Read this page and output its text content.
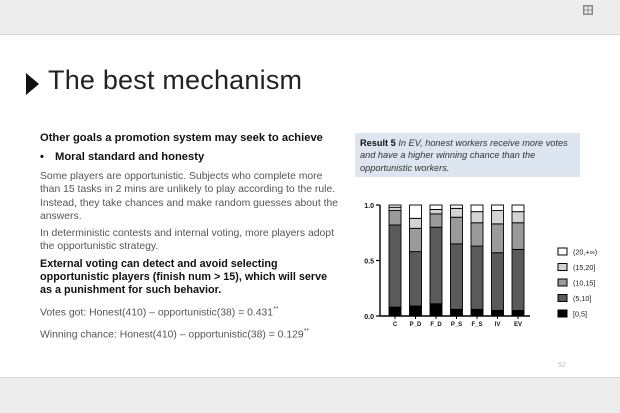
The best mechanism
Other goals a promotion system may seek to achieve
• Moral standard and honesty
Some players are opportunistic. Subjects who complete more than 15 tasks in 2 mins are unlikely to play according to the rule. Instead, they take chances and make random guesses about the answers.
In deterministic contests and internal voting, more players adopt the opportunistic strategy.
External voting can detect and avoid selecting opportunistic players (finish num > 15), which will serve as a punishment for such behavior.
Votes got: Honest(410) – opportunistic(38) = 0.431**
Winning chance: Honest(410) – opportunistic(38) = 0.129**
Result 5 In EV, honest workers receive more votes and have a higher winning chance than the opportunistic workers.
0.0
0.5
1.0
C P_D F_D P_S F_S IV EV
(20,+∞)
(15,20]
(10,15]
(5,10]
[0,5]
52
